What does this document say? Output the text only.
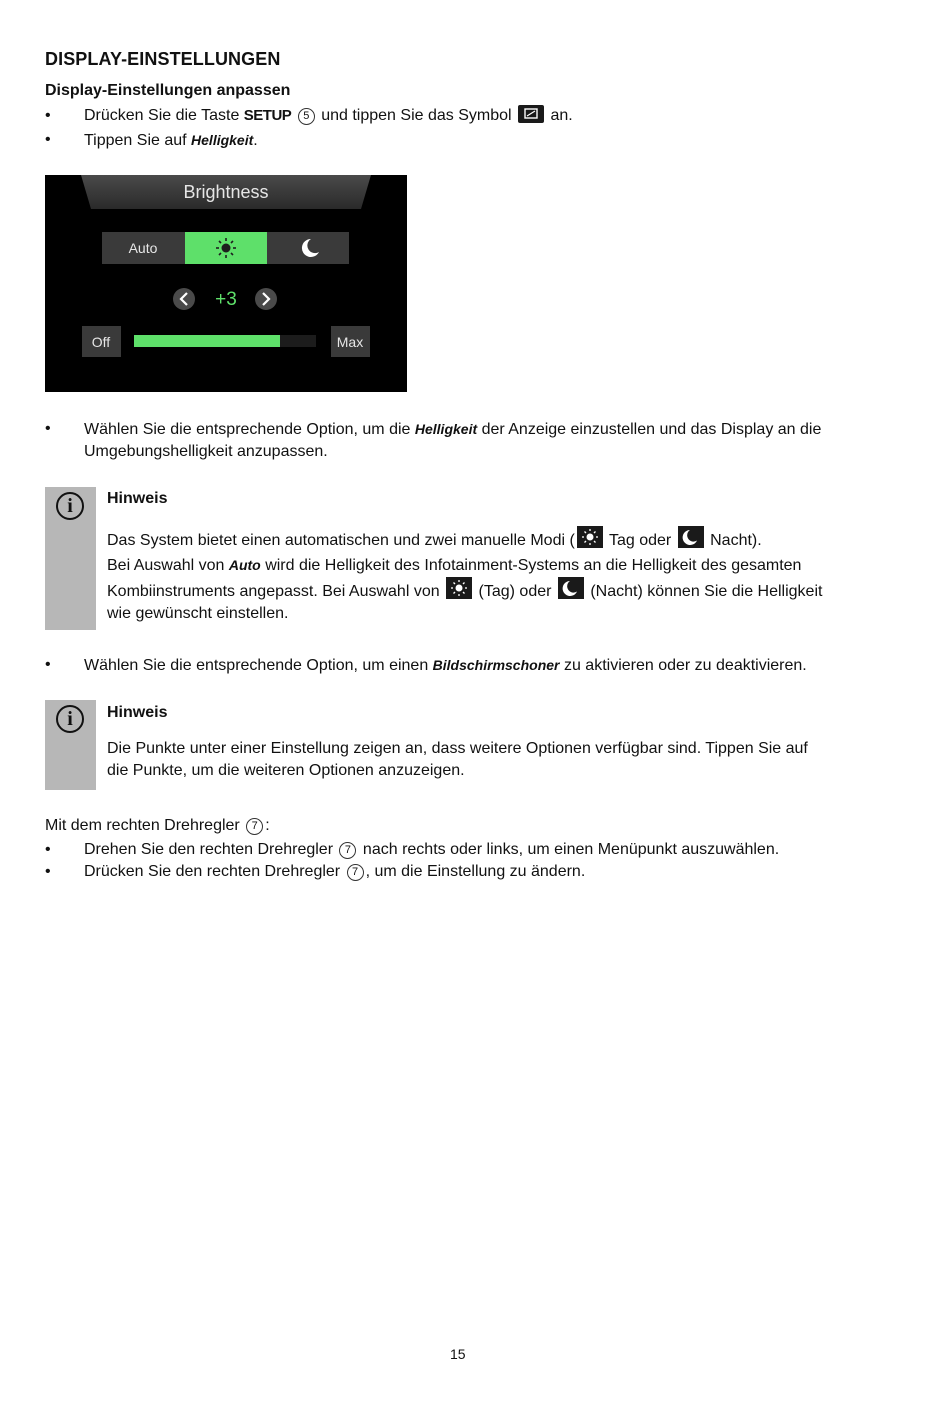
DISPLAY-EINSTELLUNGEN
Display-Einstellungen anpassen
• Drücken Sie die Taste SETUP 5 und tippen Sie das Symbol  an.
• Tippen Sie auf Helligkeit.
Brightness
Auto
+3
Off	Max
• Wählen Sie die entsprechende Option, um die Helligkeit der Anzeige einzustellen und das Display an die
Umgebungshelligkeit anzupassen.
i	Hinweis
Das System bietet einen automatischen und zwei manuelle Modi ( Tag oder  Nacht).
Bei Auswahl von Auto wird die Helligkeit des Infotainment-Systems an die Helligkeit des gesamten
Kombiinstruments angepasst. Bei Auswahl von  (Tag) oder  (Nacht) können Sie die Helligkeit
wie gewünscht einstellen.
• Wählen Sie die entsprechende Option, um einen Bildschirmschoner zu aktivieren oder zu deaktivieren.
i	Hinweis
Die Punkte unter einer Einstellung zeigen an, dass weitere Optionen verfügbar sind. Tippen Sie auf
die Punkte, um die weiteren Optionen anzuzeigen.
Mit dem rechten Drehregler 7 :
• Drehen Sie den rechten Drehregler 7 nach rechts oder links, um einen Menüpunkt auszuwählen.
• Drücken Sie den rechten Drehregler 7 , um die Einstellung zu ändern.
15
